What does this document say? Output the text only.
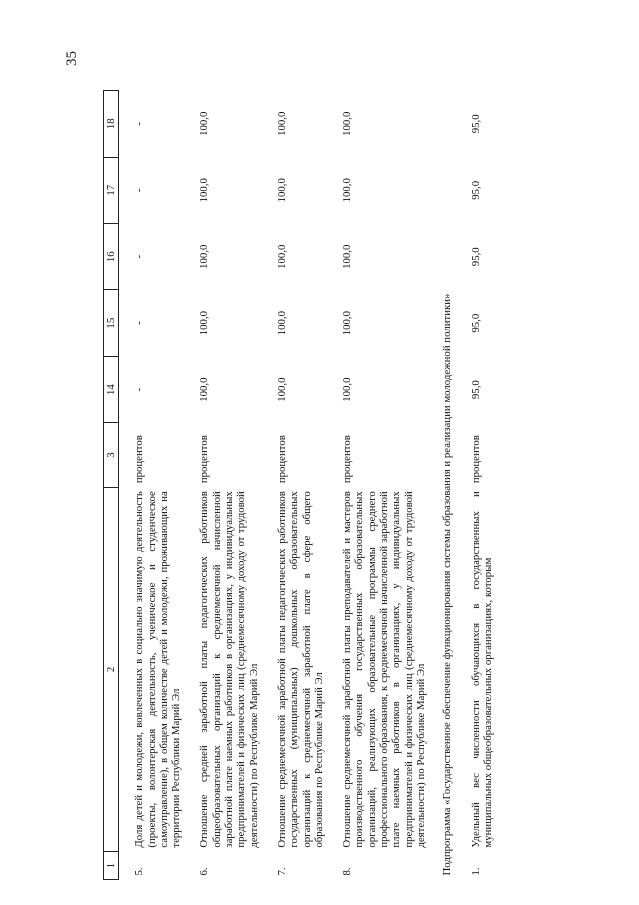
35
1	2	3	14	15	16	17	18
5.	Доля детей и молодежи, вовлеченных в социально значимую деятельность (проекты, волонтерская деятельность, ученическое и студенческое самоуправление), в общем количестве детей и молодежи, проживающих на территории Республики Марий Эл	процентов	-	-	-	-	-
6.	Отношение средней заработной платы педагогических работников общеобразовательных организаций к среднемесячной начисленной заработной плате наемных работников в организациях, у индивидуальных предпринимателей и физических лиц (среднемесячному доходу от трудовой деятельности) по Республике Марий Эл	процентов	100,0	100,0	100,0	100,0	100,0
7.	Отношение среднемесячной заработной платы педагогических работников государственных (муниципальных) дошкольных образовательных организаций к среднемесячной заработной плате в сфере общего образования по Республике Марий Эл	процентов	100,0	100,0	100,0	100,0	100,0
8.	Отношение среднемесячной заработной платы преподавателей и мастеров производственного обучения государственных образовательных организаций, реализующих образовательные программы среднего профессионального образования, к среднемесячной начисленной заработной плате наемных работников в организациях, у индивидуальных предпринимателей и физических лиц (среднемесячному доходу от трудовой деятельности) по Республике Марий Эл	процентов	100,0	100,0	100,0	100,0	100,0
Подпрограмма «Государственное обеспечение функционирования системы образования и реализации молодежной политики»							
1.	Удельный вес численности обучающихся в государственных и муниципальных общеобразовательных организациях, которым	процентов	95,0	95,0	95,0	95,0	95,0
